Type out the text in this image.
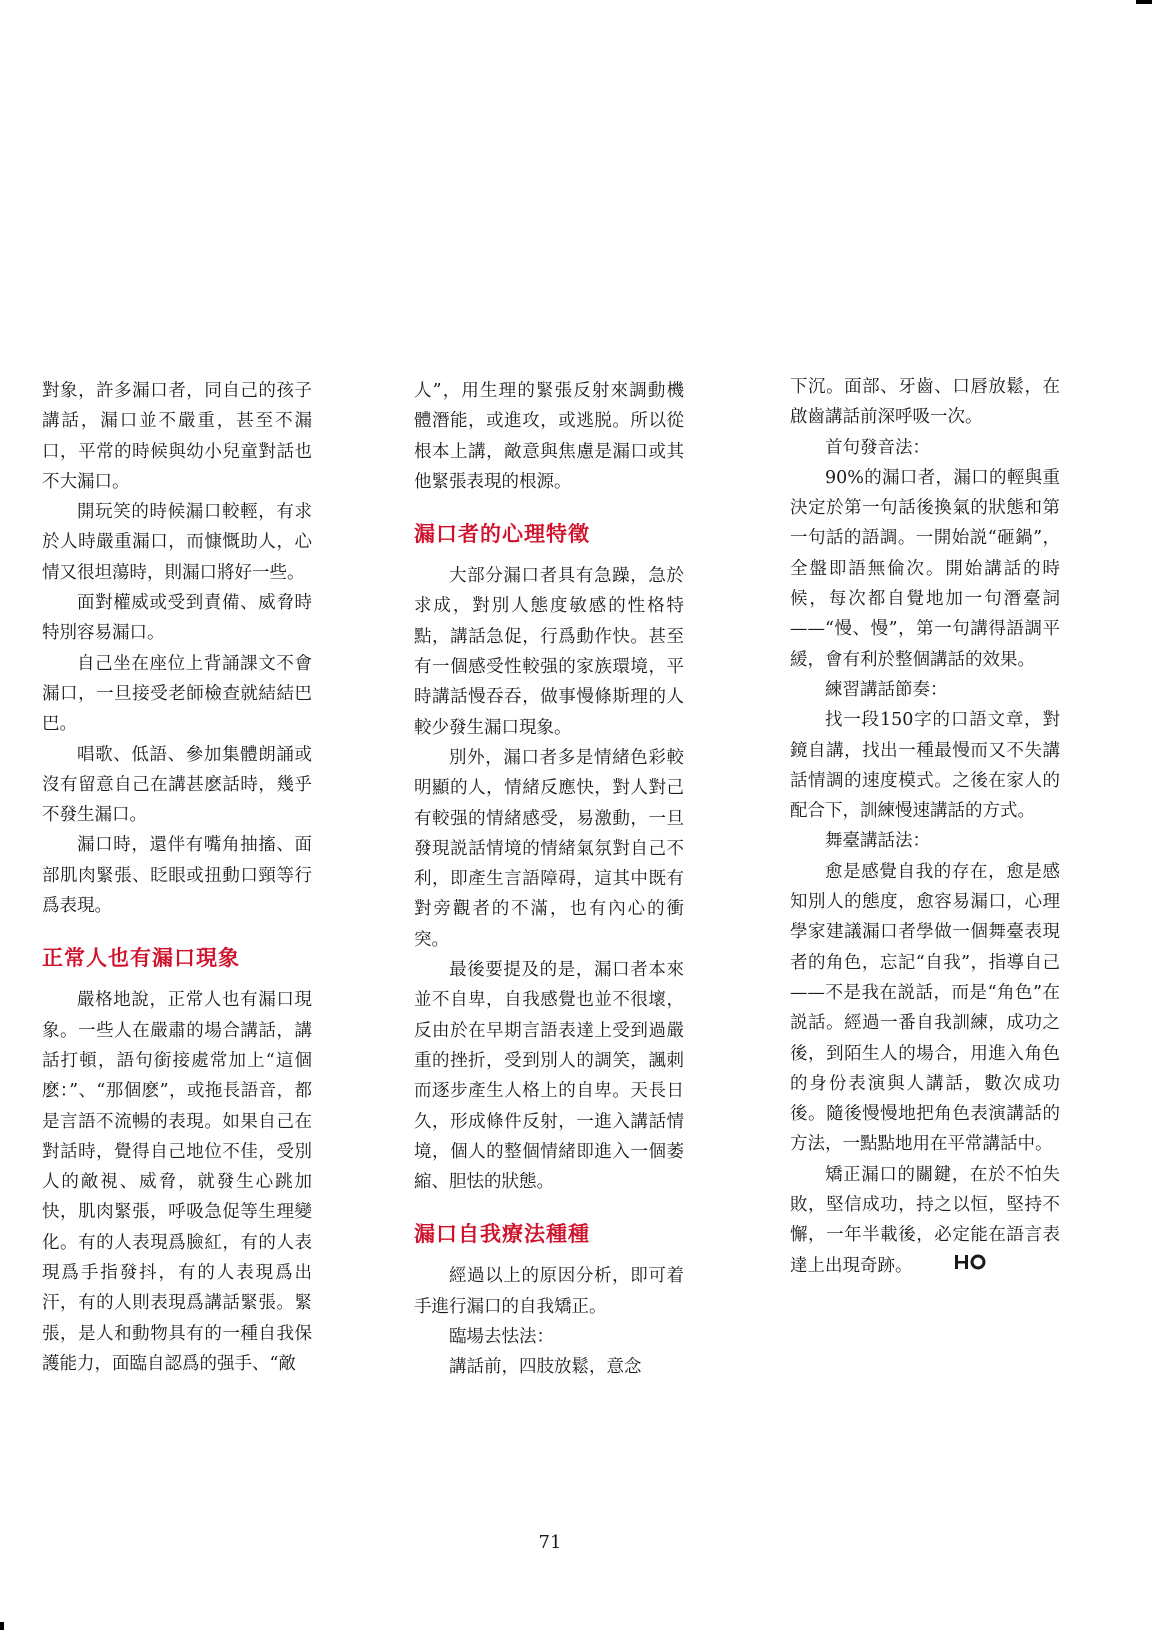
對象，許多漏口者，同自己的孩子講話，漏口並不嚴重，甚至不漏口，平常的時候與幼小兒童對話也不大漏口。

開玩笑的時候漏口較輕，有求於人時嚴重漏口，而慷慨助人，心情又很坦蕩時，則漏口將好一些。

面對權威或受到責備、威脅時特別容易漏口。

自己坐在座位上背誦課文不會漏口，一旦接受老師檢查就結結巴巴。

唱歌、低語、參加集體朗誦或沒有留意自己在講甚麽話時，幾乎不發生漏口。

漏口時，還伴有嘴角抽搐、面部肌肉緊張、眨眼或扭動口頸等行爲表現。

正常人也有漏口現象

嚴格地說，正常人也有漏口現象。一些人在嚴肅的場合講話，講話打頓，語句銜接處常加上“這個麽：”、“那個麽”，或拖長語音，都是言語不流暢的表現。如果自己在對話時，覺得自己地位不佳，受別人的敵視、威脅，就發生心跳加快，肌肉緊張，呼吸急促等生理變化。有的人表現爲臉紅，有的人表現爲手指發抖，有的人表現爲出汗，有的人則表現爲講話緊張。緊張，是人和動物具有的一種自我保護能力，面臨自認爲的强手、“敵

人”，用生理的緊張反射來調動機體潛能，或進攻，或逃脱。所以從根本上講，敵意與焦慮是漏口或其他緊張表現的根源。

漏口者的心理特徵

大部分漏口者具有急躁，急於求成，對別人態度敏感的性格特點，講話急促，行爲動作快。甚至有一個感受性較强的家族環境，平時講話慢吞吞，做事慢條斯理的人較少發生漏口現象。

別外，漏口者多是情緒色彩較明顯的人，情緒反應快，對人對己有較强的情緒感受，易激動，一旦發現説話情境的情緒氣氛對自己不利，即產生言語障碍，這其中既有對旁觀者的不滿，也有內心的衝突。

最後要提及的是，漏口者本來並不自卑，自我感覺也並不很壞，反由於在早期言語表達上受到過嚴重的挫折，受到別人的調笑，諷刺而逐步產生人格上的自卑。天長日久，形成條件反射，一進入講話情境，個人的整個情緒即進入一個萎縮、胆怯的狀態。

漏口自我療法種種

經過以上的原因分析，即可着手進行漏口的自我矯正。

臨場去怯法：

講話前，四肢放鬆，意念

下沉。面部、牙齒、口唇放鬆，在啟齒講話前深呼吸一次。

首句發音法：

90%的漏口者，漏口的輕與重決定於第一句話後換氣的狀態和第一句話的語調。一開始説“砸鍋”，全盤即語無倫次。開始講話的時候，每次都自覺地加一句潛臺詞——“慢、慢”，第一句講得語調平緩，會有利於整個講話的效果。

練習講話節奏：

找一段150字的口語文章，對鏡自講，找出一種最慢而又不失講話情調的速度模式。之後在家人的配合下，訓練慢速講話的方式。

舞臺講話法：

愈是感覺自我的存在，愈是感知別人的態度，愈容易漏口，心理學家建議漏口者學做一個舞臺表現者的角色，忘記“自我”，指導自己——不是我在説話，而是“角色”在説話。經過一番自我訓練，成功之後，到陌生人的場合，用進入角色的身份表演與人講話，數次成功後。隨後慢慢地把角色表演講話的方法，一點點地用在平常講話中。

矯正漏口的關鍵，在於不怕失敗，堅信成功，持之以恒，堅持不懈，一年半載後，必定能在語言表達上出現奇跡。

71
